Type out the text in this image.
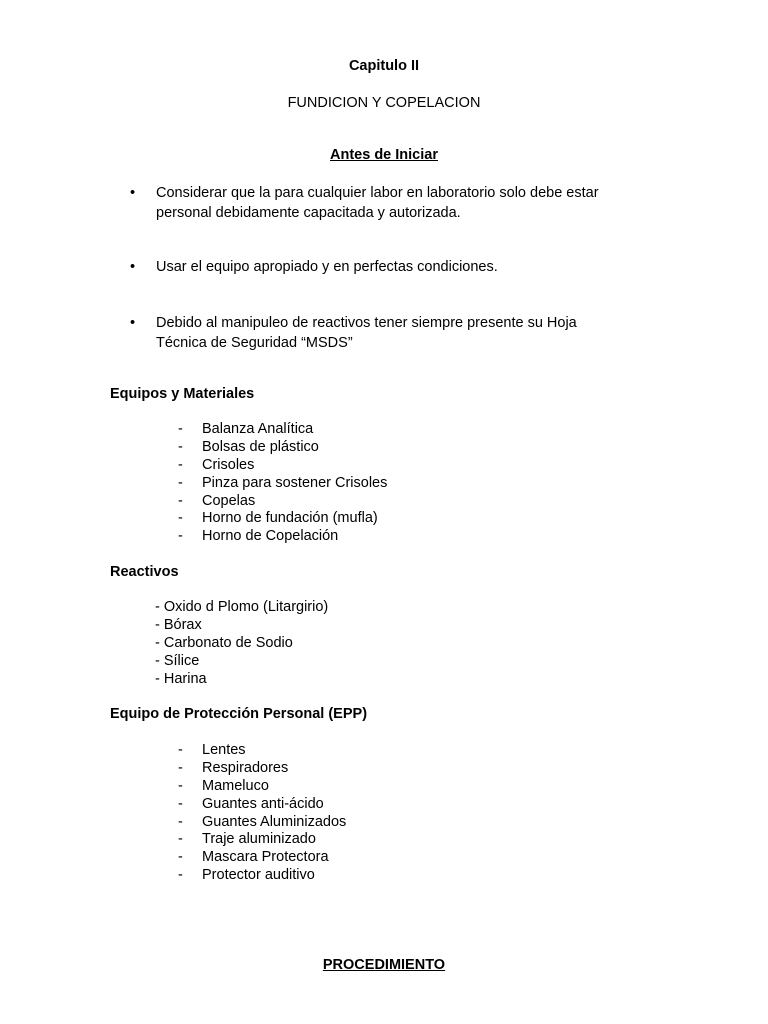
Capitulo II
FUNDICION Y COPELACION
Antes de Iniciar
•	Considerar que la para cualquier labor en laboratorio solo debe estar
personal debidamente capacitada y autorizada.
•	Usar el equipo apropiado y en perfectas condiciones.
•	Debido al manipuleo de reactivos tener siempre presente su Hoja
Técnica de Seguridad “MSDS”
Equipos y Materiales
-	Balanza Analítica
-	Bolsas de plástico
-	Crisoles
-	Pinza para sostener Crisoles
-	Copelas
-	Horno de fundación (mufla)
-	Horno de Copelación
Reactivos
- Oxido d Plomo (Litargirio)
- Bórax
- Carbonato de Sodio
- Sílice
- Harina
Equipo de Protección Personal (EPP)
-	Lentes
-	Respiradores
-	Mameluco
-	Guantes anti-ácido
-	Guantes Aluminizados
-	Traje aluminizado
-	Mascara Protectora
-	Protector auditivo
PROCEDIMIENTO
